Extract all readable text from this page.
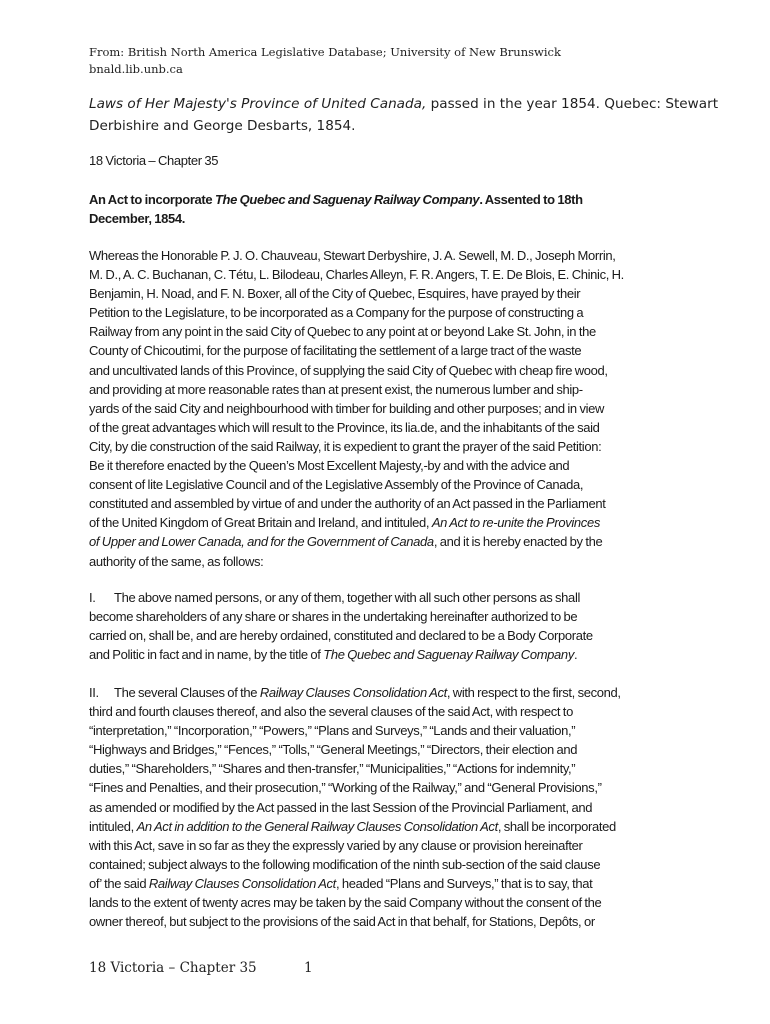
From: British North America Legislative Database; University of New Brunswick
bnald.lib.unb.ca
Laws of Her Majesty's Province of United Canada, passed in the year 1854. Quebec: Stewart
Derbishire and George Desbarts, 1854.
18 Victoria – Chapter 35
An Act to incorporate The Quebec and Saguenay Railway Company. Assented to 18th
December, 1854.
Whereas the Honorable P. J. O. Chauveau, Stewart Derbyshire, J. A. Sewell, M. D., Joseph Morrin,
M. D., A. C. Buchanan, C. Tétu, L. Bilodeau, Charles Alleyn, F. R. Angers, T. E. De Blois, E. Chinic, H.
Benjamin, H. Noad, and F. N. Boxer, all of the City of Quebec, Esquires, have prayed by their
Petition to the Legislature, to be incorporated as a Company for the purpose of constructing a
Railway from any point in the said City of Quebec to any point at or beyond Lake St. John, in the
County of Chicoutimi, for the purpose of facilitating the settlement of a large tract of the waste
and uncultivated lands of this Province, of supplying the said City of Quebec with cheap fire wood,
and providing at more reasonable rates than at present exist, the numerous lumber and ship-
yards of the said City and neighbourhood with timber for building and other purposes; and in view
of the great advantages which will result to the Province, its lia.de, and the inhabitants of the said
City, by die construction of the said Railway, it is expedient to grant the prayer of the said Petition:
Be it therefore enacted by the Queen’s Most Excellent Majesty,-by and with the advice and
consent of lite Legislative Council and of the Legislative Assembly of the Province of Canada,
constituted and assembled by virtue of and under the authority of an Act passed in the Parliament
of the United Kingdom of Great Britain and Ireland, and intituled, An Act to re-unite the Provinces
of Upper and Lower Canada, and for the Government of Canada, and it is hereby enacted by the
authority of the same, as follows:
I. The above named persons, or any of them, together with all such other persons as shall
become shareholders of any share or shares in the undertaking hereinafter authorized to be
carried on, shall be, and are hereby ordained, constituted and declared to be a Body Corporate
and Politic in fact and in name, by the title of The Quebec and Saguenay Railway Company.
II. The several Clauses of the Railway Clauses Consolidation Act, with respect to the first, second,
third and fourth clauses thereof, and also the several clauses of the said Act, with respect to
“interpretation,” “Incorporation,” “Powers,” “Plans and Surveys,” “Lands and their valuation,”
“Highways and Bridges,” “Fences,” “Tolls,” “General Meetings,” “Directors, their election and
duties,” “Shareholders,” “Shares and then-transfer,” “Municipalities,” “Actions for indemnity,”
“Fines and Penalties, and their prosecution,” “Working of the Railway,” and “General Provisions,”
as amended or modified by the Act passed in the last Session of the Provincial Parliament, and
intituled, An Act in addition to the General Railway Clauses Consolidation Act, shall be incorporated
with this Act, save in so far as they the expressly varied by any clause or provision hereinafter
contained; subject always to the following modification of the ninth sub-section of the said clause
of’ the said Railway Clauses Consolidation Act, headed “Plans and Surveys,” that is to say, that
lands to the extent of twenty acres may be taken by the said Company without the consent of the
owner thereof, but subject to the provisions of the said Act in that behalf, for Stations, Depôts, or
18 Victoria – Chapter 35	1
